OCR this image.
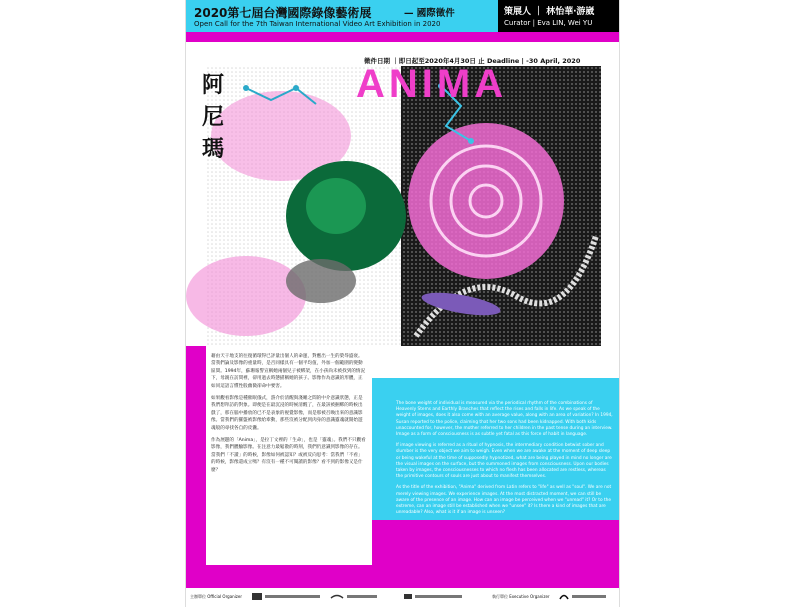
2020第七屆台灣國際錄像藝術展	— 國際徵件
Open Call for the 7th Taiwan International Video Art Exhibition in 2020
策展人 ｜ 林怡華‧游崴
Curator | Eva LIN, Wei YU
徵件日期 ｜即日起至2020年4月30日 止 Deadline | -30 April, 2020
ANIMA
阿尼瑪

藉由天干地支的往復循環得已評量出個人的命運，對應出一生的榮辱盛衰。當我們論及影像的重量時，是否同樣具有一個平均值，外加一個範圍的變動區間。1994年，蘇珊報警宣稱她兩個兒子被綁架，在小孩尚未被找到的情況下，母親在訪問裡，卻用過去時態描稱她的孩子。影像作為意識的形體，正如同這語言慣性般幽微卻命中要害。

如果觀看影像是種催眠儀式，游介於清醒與淺睡之間的中介意識狀態，正是我們想拜訪的對象。即便是在最沉浸的時候清醒了，在最該被捆綁的時候出戲了，那在腦中播放的已不是表象的視覺影像，而是那被召喚出來的意識影像。當我們的羅盤被影像給牽動，那些沒被分配到肉身的意識靈魂就開始遊魂般的尋找各自的皮囊。

作為展題的「Anima」，是拉丁文裡的「生命」，也是「靈魂」。我們不只觀看影像，我們體驗影像。在注意力最鬆散的時刻，我們仍意識到影像的存在。當我們「不讀」的時候，影像如何被認知？或被反向思考：當我們「不看」的時候，影像還成立嗎？有沒有一種不可閱讀的影像？看不到的影像又是什麼？

The bone weight of individual is measured via the periodical rhythm of the combinations of Heavenly Stems and Earthly Branches that reflect the rises and falls in life. As we speak of the weight of images, does it also come with an average value, along with an area of variation? In 1994, Susan reported to the police, claiming that her two sons had been kidnapped. With both kids unaccounted for, however, the mother referred to her children in the past tense during an interview. Image as a form of consciousness is as subtle yet fatal as this force of habit in language.

If image viewing is referred as a ritual of hypnosis, the intermediary condition betwixt sober and slumber is the very object we aim to weigh. Even when we are awake at the moment of deep sleep or being wakeful at the time of supposedly hypnotized, what are being played in mind no longer are the visual images on the surface, but the summoned images from consciousness. Upon our bodies taken by images, the consciousnesses to which no flesh has been allocated are restless, whereas the primitive contours of souls are just about to manifest themselves.

As the title of the exhibition, "Anima" derived from Latin refers to "life" as well as "soul". We are not merely viewing images. We experience images. At the most distracted moment, we can still be aware of the presence of an image. How can an image be perceived when we "unread" it? Or to the extreme, can an image still be established when we "unsee" it? Is there a kind of images that are unreadable? Also, what is it if an image is unseen?

主辦單位 Official Organizer	執行單位 Executive Organizer
